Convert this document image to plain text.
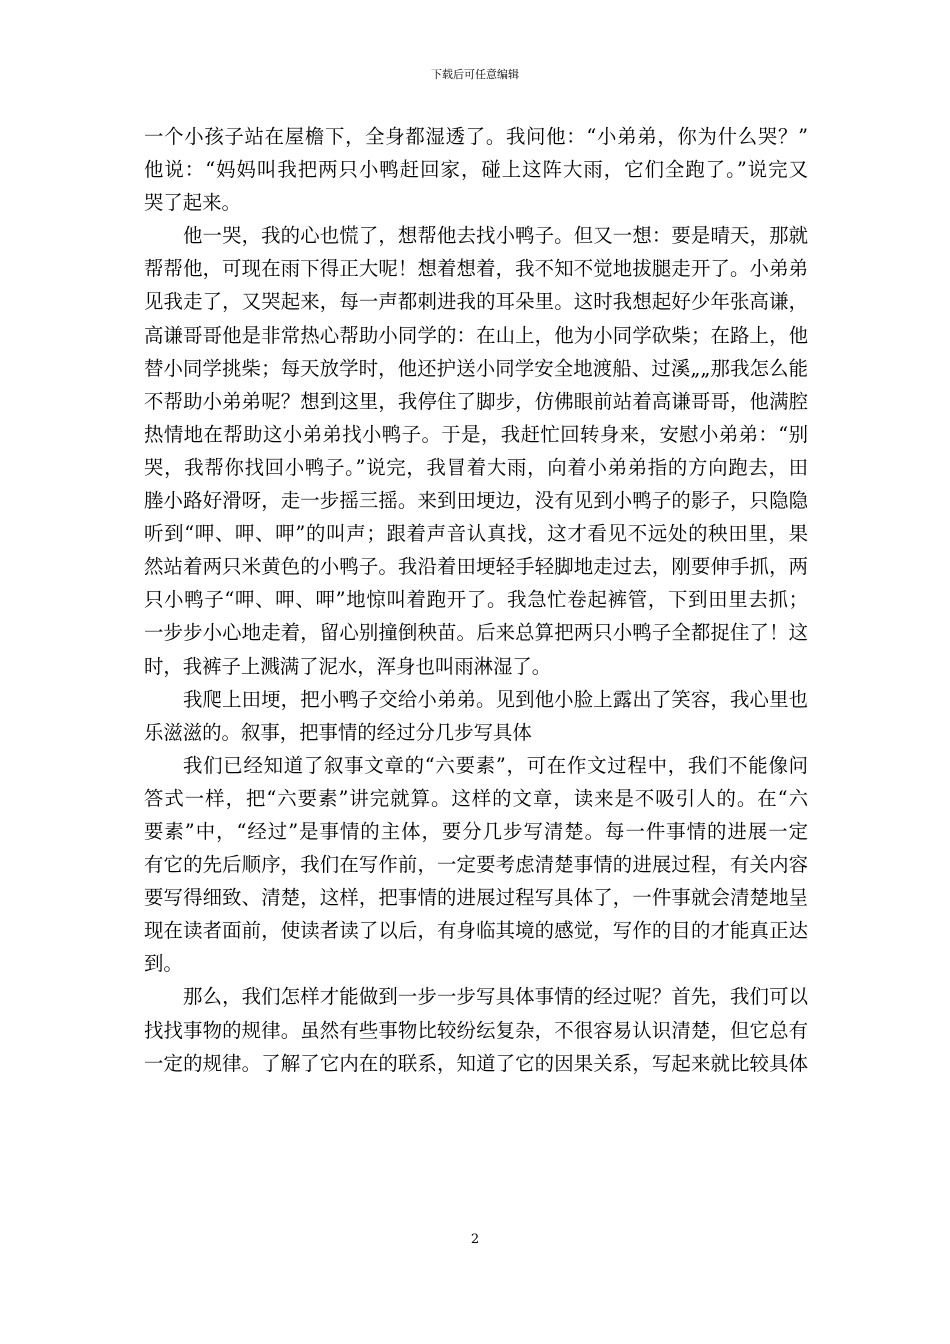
下载后可任意编辑
一个小孩子站在屋檐下，全身都湿透了。我问他：“小弟弟，你为什么哭？”
他说：“妈妈叫我把两只小鸭赶回家，碰上这阵大雨，它们全跑了。”说完又
哭了起来。
他一哭，我的心也慌了，想帮他去找小鸭子。但又一想：要是晴天，那就
帮帮他，可现在雨下得正大呢！想着想着，我不知不觉地拔腿走开了。小弟弟
见我走了，又哭起来，每一声都刺进我的耳朵里。这时我想起好少年张高谦，
高谦哥哥他是非常热心帮助小同学的：在山上，他为小同学砍柴；在路上，他
替小同学挑柴；每天放学时，他还护送小同学安全地渡船、过溪„„那我怎么能
不帮助小弟弟呢？想到这里，我停住了脚步，仿佛眼前站着高谦哥哥，他满腔
热情地在帮助这小弟弟找小鸭子。于是，我赶忙回转身来，安慰小弟弟：“别
哭，我帮你找回小鸭子。”说完，我冒着大雨，向着小弟弟指的方向跑去，田
塍小路好滑呀，走一步摇三摇。来到田埂边，没有见到小鸭子的影子，只隐隐
听到“呷、呷、呷”的叫声；跟着声音认真找，这才看见不远处的秧田里，果
然站着两只米黄色的小鸭子。我沿着田埂轻手轻脚地走过去，刚要伸手抓，两
只小鸭子“呷、呷、呷”地惊叫着跑开了。我急忙卷起裤管，下到田里去抓；
一步步小心地走着，留心别撞倒秧苗。后来总算把两只小鸭子全都捉住了！这
时，我裤子上溅满了泥水，浑身也叫雨淋湿了。
我爬上田埂，把小鸭子交给小弟弟。见到他小脸上露出了笑容，我心里也
乐滋滋的。叙事，把事情的经过分几步写具体
我们已经知道了叙事文章的“六要素”，可在作文过程中，我们不能像问
答式一样，把“六要素”讲完就算。这样的文章，读来是不吸引人的。在“六
要素”中，“经过”是事情的主体，要分几步写清楚。每一件事情的进展一定
有它的先后顺序，我们在写作前，一定要考虑清楚事情的进展过程，有关内容
要写得细致、清楚，这样，把事情的进展过程写具体了，一件事就会清楚地呈
现在读者面前，使读者读了以后，有身临其境的感觉，写作的目的才能真正达
到。
那么，我们怎样才能做到一步一步写具体事情的经过呢？首先，我们可以
找找事物的规律。虽然有些事物比较纷纭复杂，不很容易认识清楚，但它总有
一定的规律。了解了它内在的联系，知道了它的因果关系，写起来就比较具体
2
